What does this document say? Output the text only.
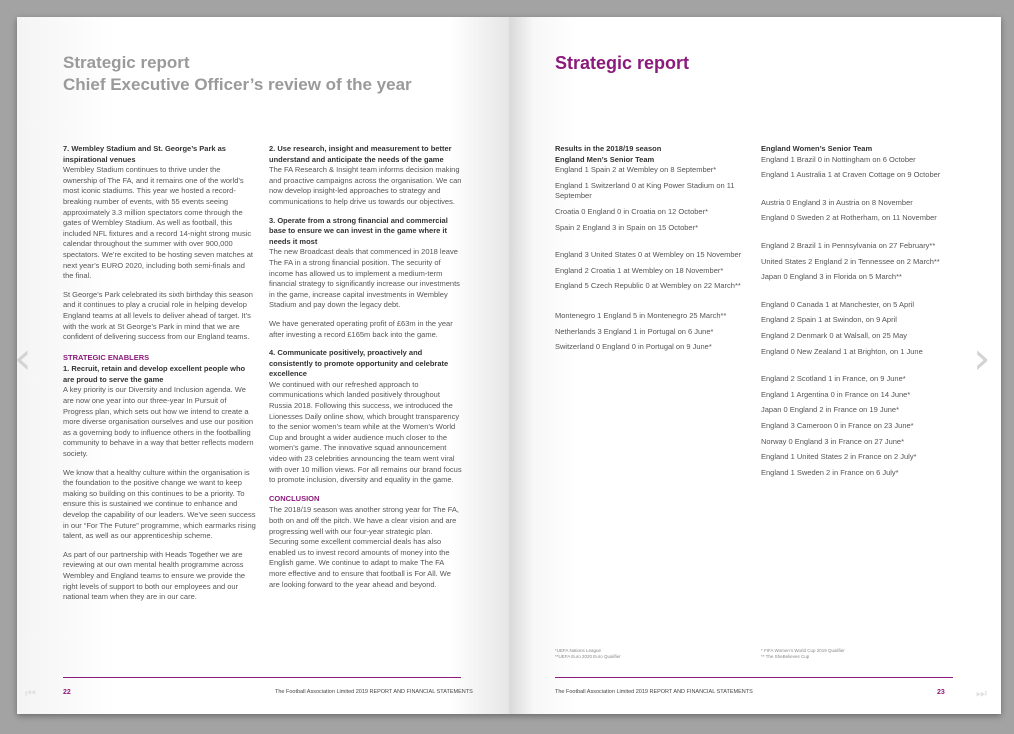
Strategic report
Chief Executive Officer’s review of the year
7. Wembley Stadium and St. George’s Park as inspirational venues

Wembley Stadium continues to thrive under the ownership of The FA, and it remains one of the world’s most iconic stadiums. This year we hosted a record-breaking number of events, with 55 events seeing approximately 3.3 million spectators come through the gates of Wembley Stadium. As well as football, this included NFL fixtures and a record 14-night strong music calendar throughout the summer with over 900,000 spectators. We’re excited to be hosting seven matches at next year’s EURO 2020, including both semi-finals and the final.

St George’s Park celebrated its sixth birthday this season and it continues to play a crucial role in helping develop England teams at all levels to deliver ahead of target. It’s with the work at St George’s Park in mind that we are confident of delivering success from our England teams.

STRATEGIC ENABLERS
1. Recruit, retain and develop excellent people who are proud to serve the game

A key priority is our Diversity and Inclusion agenda. We are now one year into our three-year In Pursuit of Progress plan, which sets out how we intend to create a more diverse organisation ourselves and use our position as a governing body to influence others in the footballing community to behave in a way that better reflects modern society.

We know that a healthy culture within the organisation is the foundation to the positive change we want to keep making so building on this continues to be a priority. To ensure this is sustained we continue to enhance and develop the capability of our leaders. We’ve seen success in our “For The Future” programme, which earmarks rising talent, as well as our apprenticeship scheme.

As part of our partnership with Heads Together we are reviewing at our own mental health programme across Wembley and England teams to ensure we provide the right levels of support to both our employees and our national team when they are in our care.

2. Use research, insight and measurement to better understand and anticipate the needs of the game

The FA Research & Insight team informs decision making and proactive campaigns across the organisation. We can now develop insight-led approaches to strategy and communications to help drive us towards our objectives.

3. Operate from a strong financial and commercial base to ensure we can invest in the game where it needs it most

The new Broadcast deals that commenced in 2018 leave The FA in a strong financial position. The security of income has allowed us to implement a medium-term financial strategy to significantly increase our investments in the game, increase capital investments in Wembley Stadium and pay down the legacy debt.

We have generated operating profit of £63m in the year after investing a record £165m back into the game.

4. Communicate positively, proactively and consistently to promote opportunity and celebrate excellence

We continued with our refreshed approach to communications which landed positively throughout Russia 2018. Following this success, we introduced the Lionesses Daily online show, which brought transparency to the senior women’s team while at the Women’s World Cup and brought a wider audience much closer to the women’s game. The innovative squad announcement video with 23 celebrities announcing the team went viral with over 10 million views. For all remains our brand focus to promote inclusion, diversity and equality in the game.

CONCLUSION

The 2018/19 season was another strong year for The FA, both on and off the pitch. We have a clear vision and are progressing well with our four-year strategic plan. Securing some excellent commercial deals has also enabled us to invest record amounts of money into the English game. We continue to adapt to make The FA more effective and to ensure that football is For All. We are looking forward to the year ahead and beyond.

22	The Football Association Limited 2019 REPORT AND FINANCIAL STATEMENTS
Strategic report
Results in the 2018/19 season
England Men’s Senior Team
England 1 Spain 2 at Wembley on 8 September*
England 1 Switzerland 0 at King Power Stadium on 11 September
Croatia 0 England 0 in Croatia on 12 October*
Spain 2 England 3 in Spain on 15 October*
England 3 United States 0 at Wembley on 15 November
England 2 Croatia 1 at Wembley on 18 November*
England 5 Czech Republic 0 at Wembley on 22 March**
Montenegro 1 England 5 in Montenegro 25 March**
Netherlands 3 England 1 in Portugal on 6 June*
Switzerland 0 England 0 in Portugal on 9 June*
England Women’s Senior Team
England 1 Brazil 0 in Nottingham on 6 October
England 1 Australia 1 at Craven Cottage on 9 October
Austria 0 England 3 in Austria on 8 November
England 0 Sweden 2 at Rotherham, on 11 November
England 2 Brazil 1 in Pennsylvania on 27 February**
United States 2 England 2 in Tennessee on 2 March**
Japan 0 England 3 in Florida on 5 March**
England 0 Canada 1 at Manchester, on 5 April
England 2 Spain 1 at Swindon, on 9 April
England 2 Denmark 0 at Walsall, on 25 May
England 0 New Zealand 1 at Brighton, on 1 June
England 2 Scotland 1 in France, on 9 June*
England 1 Argentina 0 in France on 14 June*
Japan 0 England 2 in France on 19 June*
England 3 Cameroon 0 in France on 23 June*
Norway 0 England 3 in France on 27 June*
England 1 United States 2 in France on 2 July*
England 1 Sweden 2 in France on 6 July*
*UEFA Nations League
**UEFA Euro 2020 Euro Qualifier
* FIFA Women’s World Cup 2019 Qualifier
** The SheBelieves Cup
The Football Association Limited 2019 REPORT AND FINANCIAL STATEMENTS	23
‹	›
⏮	⏭
